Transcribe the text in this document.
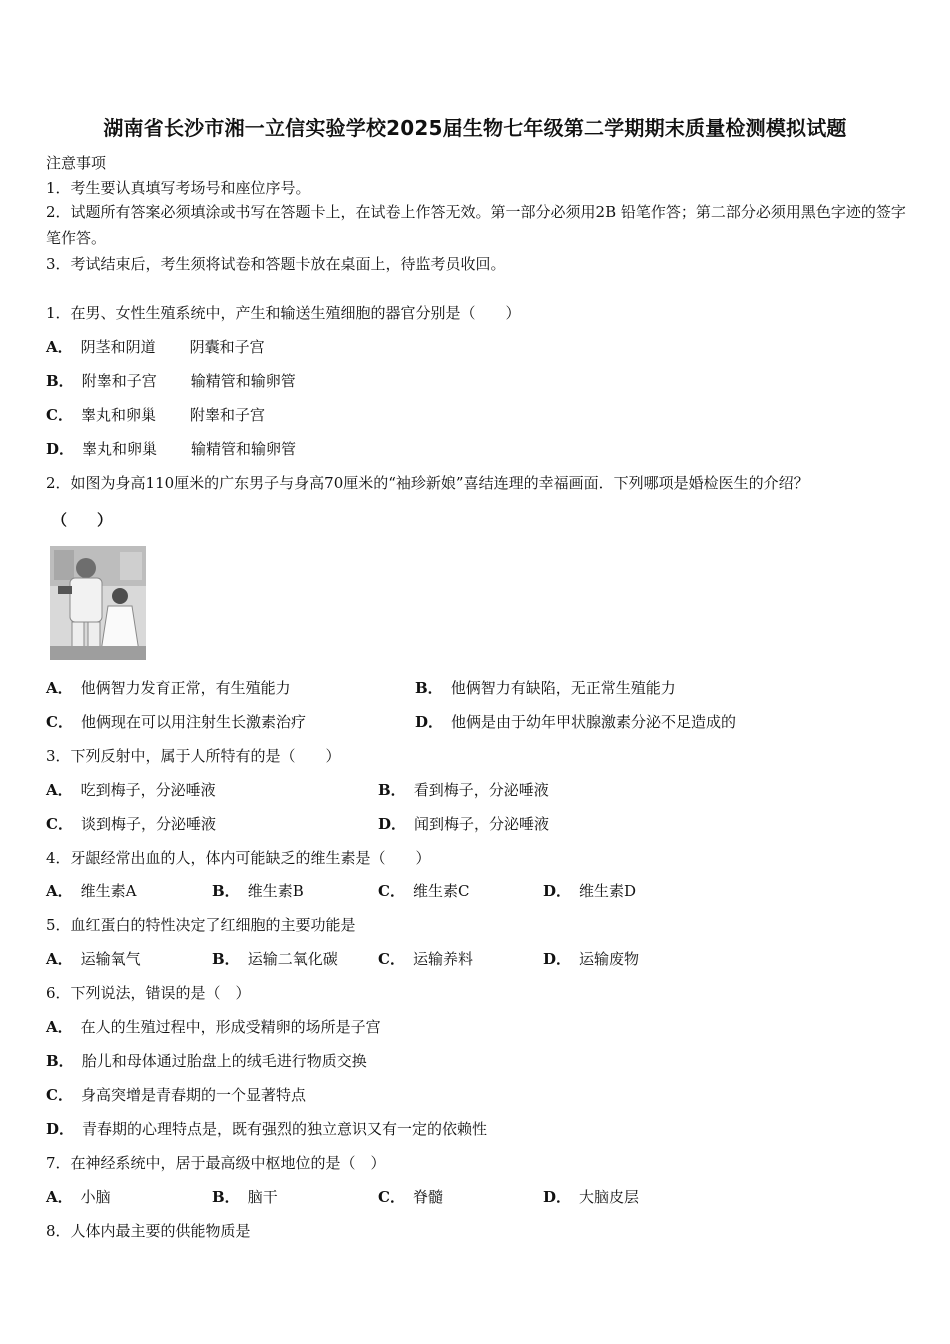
湖南省长沙市湘一立信实验学校2025届生物七年级第二学期期末质量检测模拟试题
注意事项
1．考生要认真填写考场号和座位序号。
2．试题所有答案必须填涂或书写在答题卡上，在试卷上作答无效。第一部分必须用2B 铅笔作答；第二部分必须用黑色字迹的签字笔作答。
3．考试结束后，考生须将试卷和答题卡放在桌面上，待监考员收回。
1．在男、女性生殖系统中，产生和输送生殖细胞的器官分别是（　　）
A． 阴茎和阴道 阴囊和子宫
B． 附睾和子宫 输精管和输卵管
C． 睾丸和卵巢 附睾和子宫
D． 睾丸和卵巢 输精管和输卵管
2．如图为身高110厘米的广东男子与身高70厘米的“袖珍新娘”喜结连理的幸福画面．下列哪项是婚检医生的介绍？
（　　）
A． 他俩智力发育正常，有生殖能力	B． 他俩智力有缺陷，无正常生殖能力
C． 他俩现在可以用注射生长激素治疗	D． 他俩是由于幼年甲状腺激素分泌不足造成的
3．下列反射中，属于人所特有的是（　　）
A． 吃到梅子，分泌唾液	B． 看到梅子，分泌唾液
C． 谈到梅子，分泌唾液	D． 闻到梅子，分泌唾液
4．牙龈经常出血的人，体内可能缺乏的维生素是（　　）
A． 维生素A	B． 维生素B	C． 维生素C	D． 维生素D
5．血红蛋白的特性决定了红细胞的主要功能是
A． 运输氧气	B． 运输二氧化碳	C． 运输养料	D． 运输废物
6．下列说法，错误的是（　）
A． 在人的生殖过程中，形成受精卵的场所是子宫
B． 胎儿和母体通过胎盘上的绒毛进行物质交换
C． 身高突增是青春期的一个显著特点
D． 青春期的心理特点是，既有强烈的独立意识又有一定的依赖性
7．在神经系统中，居于最高级中枢地位的是（　）
A． 小脑	B． 脑干	C． 脊髓	D． 大脑皮层
8．人体内最主要的供能物质是
